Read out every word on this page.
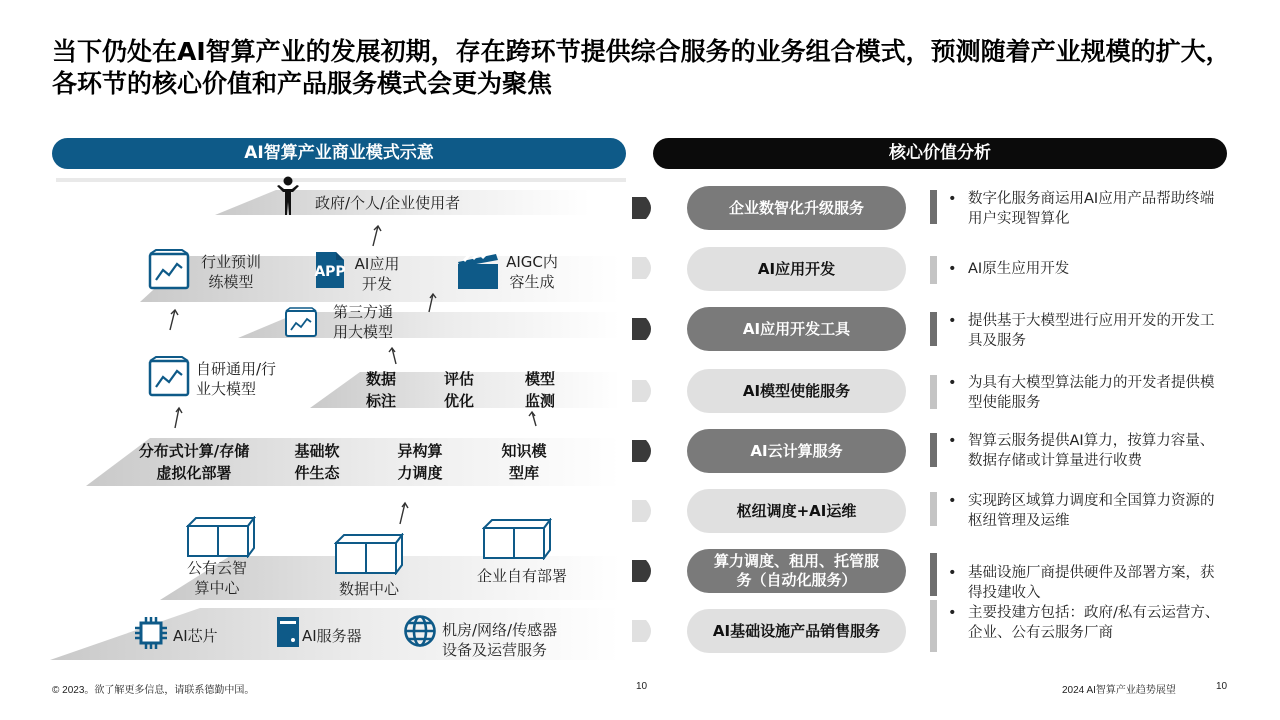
当下仍处在AI智算产业的发展初期，存在跨环节提供综合服务的业务组合模式，预测随着产业规模的扩大，各环节的核心价值和产品服务模式会更为聚焦
AI智算产业商业模式示意	核心价值分析
政府/个人/企业使用者
行业预训练模型
APP AI应用开发
AIGC内容生成
第三方通用大模型
自研通用/行业大模型
数据标注
评估优化
模型监测
分布式计算/存储虚拟化部署
基础软件生态
异构算力调度
知识模型库
公有云智算中心	数据中心
企业自有部署
AI芯片	AI服务器	机房/网络/传感器设备及运营服务
企业数智化升级服务
AI应用开发
AI应用开发工具
AI模型使能服务
AI云计算服务
枢纽调度+AI运维
算力调度、租用、托管服务（自动化服务）
AI基础设施产品销售服务
• 数字化服务商运用AI应用产品帮助终端用户实现智算化
• AI原生应用开发
• 提供基于大模型进行应用开发的开发工具及服务
• 为具有大模型算法能力的开发者提供模型使能服务
• 智算云服务提供AI算力，按算力容量、数据存储或计算量进行收费
• 实现跨区域算力调度和全国算力资源的枢纽管理及运维
• 基础设施厂商提供硬件及部署方案，获得投建收入
• 主要投建方包括：政府/私有云运营方、企业、公有云服务厂商
© 2023。欲了解更多信息，请联系德勤中国。	10	2024 AI智算产业趋势展望	10
